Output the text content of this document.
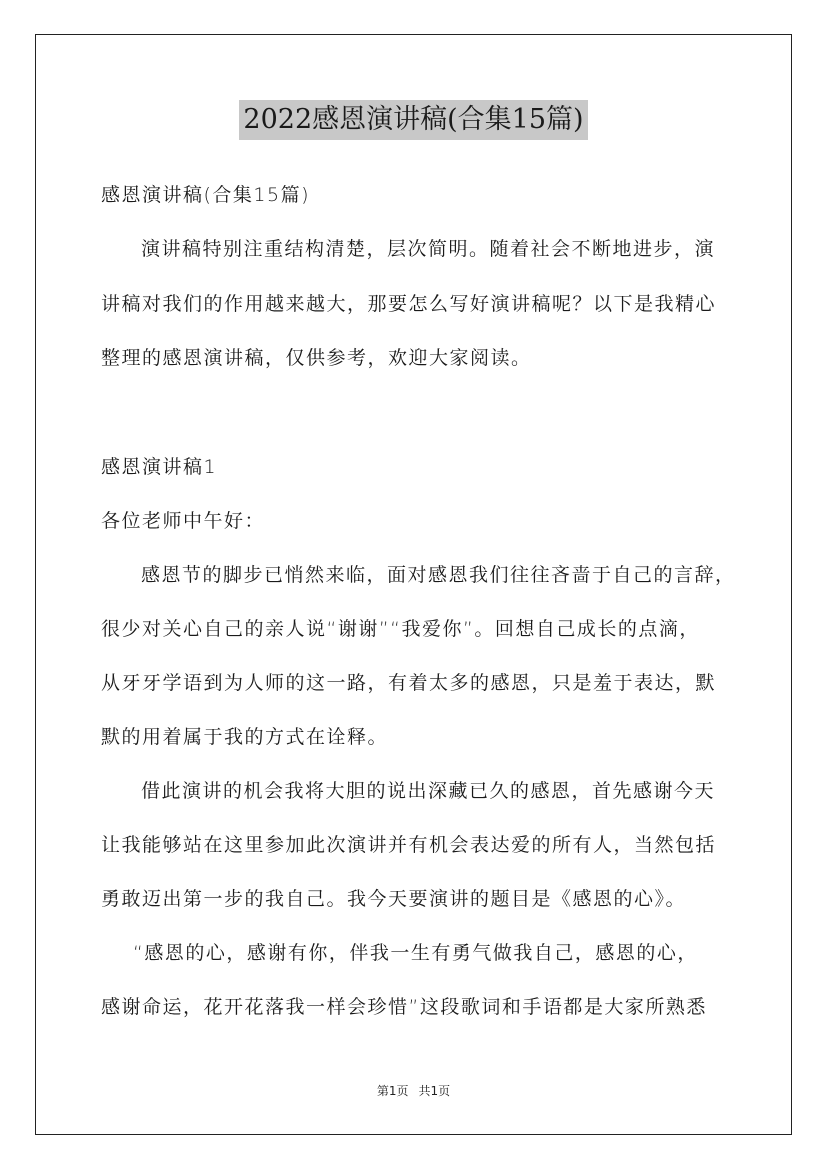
2022感恩演讲稿(合集15篇)
感恩演讲稿(合集15篇)
演讲稿特别注重结构清楚，层次简明。随着社会不断地进步，演
讲稿对我们的作用越来越大，那要怎么写好演讲稿呢？以下是我精心
整理的感恩演讲稿，仅供参考，欢迎大家阅读。
感恩演讲稿1
各位老师中午好：
感恩节的脚步已悄然来临，面对感恩我们往往吝啬于自己的言辞，
很少对关心自己的亲人说“谢谢”“我爱你”。回想自己成长的点滴，
从牙牙学语到为人师的这一路，有着太多的感恩，只是羞于表达，默
默的用着属于我的方式在诠释。
借此演讲的机会我将大胆的说出深藏已久的感恩，首先感谢今天
让我能够站在这里参加此次演讲并有机会表达爱的所有人，当然包括
勇敢迈出第一步的我自己。我今天要演讲的题目是《感恩的心》。
“感恩的心，感谢有你，伴我一生有勇气做我自己，感恩的心，
感谢命运，花开花落我一样会珍惜”这段歌词和手语都是大家所熟悉
第1页 共1页
